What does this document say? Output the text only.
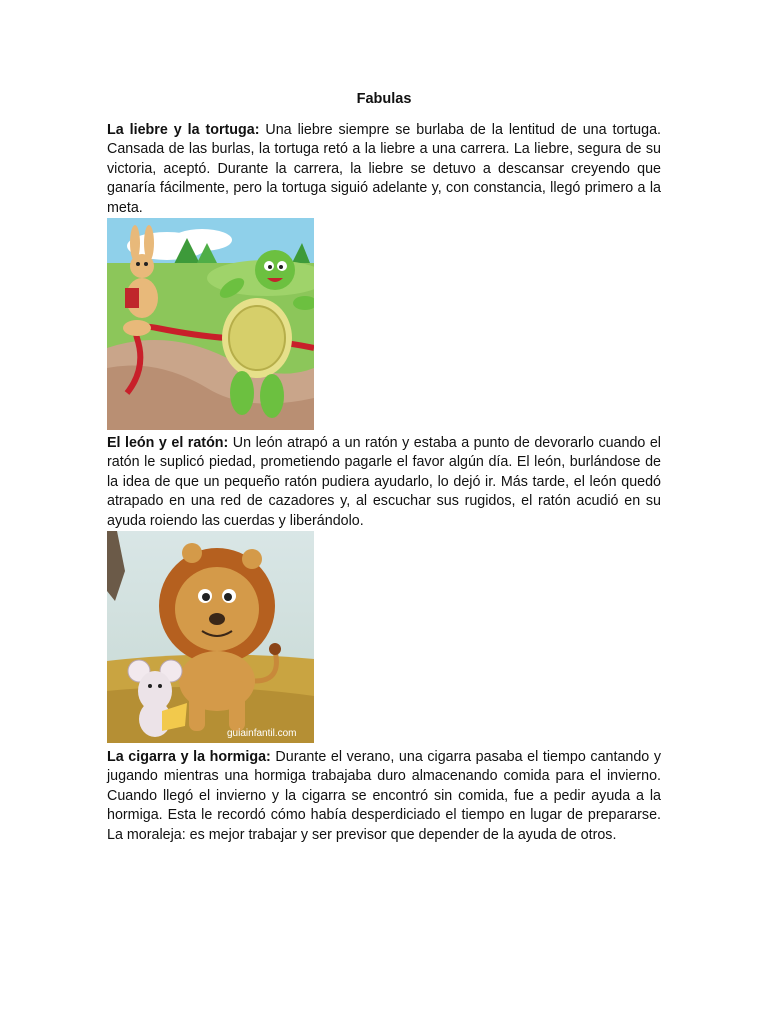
Fabulas

La liebre y la tortuga: Una liebre siempre se burlaba de la lentitud de una tortuga. Cansada de las burlas, la tortuga retó a la liebre a una carrera. La liebre, segura de su victoria, aceptó. Durante la carrera, la liebre se detuvo a descansar creyendo que ganaría fácilmente, pero la tortuga siguió adelante y, con constancia, llegó primero a la meta.

El león y el ratón: Un león atrapó a un ratón y estaba a punto de devorarlo cuando el ratón le suplicó piedad, prometiendo pagarle el favor algún día. El león, burlándose de la idea de que un pequeño ratón pudiera ayudarlo, lo dejó ir. Más tarde, el león quedó atrapado en una red de cazadores y, al escuchar sus rugidos, el ratón acudió en su ayuda roiendo las cuerdas y liberándolo.

guiainfantil.com

La cigarra y la hormiga: Durante el verano, una cigarra pasaba el tiempo cantando y jugando mientras una hormiga trabajaba duro almacenando comida para el invierno. Cuando llegó el invierno y la cigarra se encontró sin comida, fue a pedir ayuda a la hormiga. Esta le recordó cómo había desperdiciado el tiempo en lugar de prepararse. La moraleja: es mejor trabajar y ser previsor que depender de la ayuda de otros.
